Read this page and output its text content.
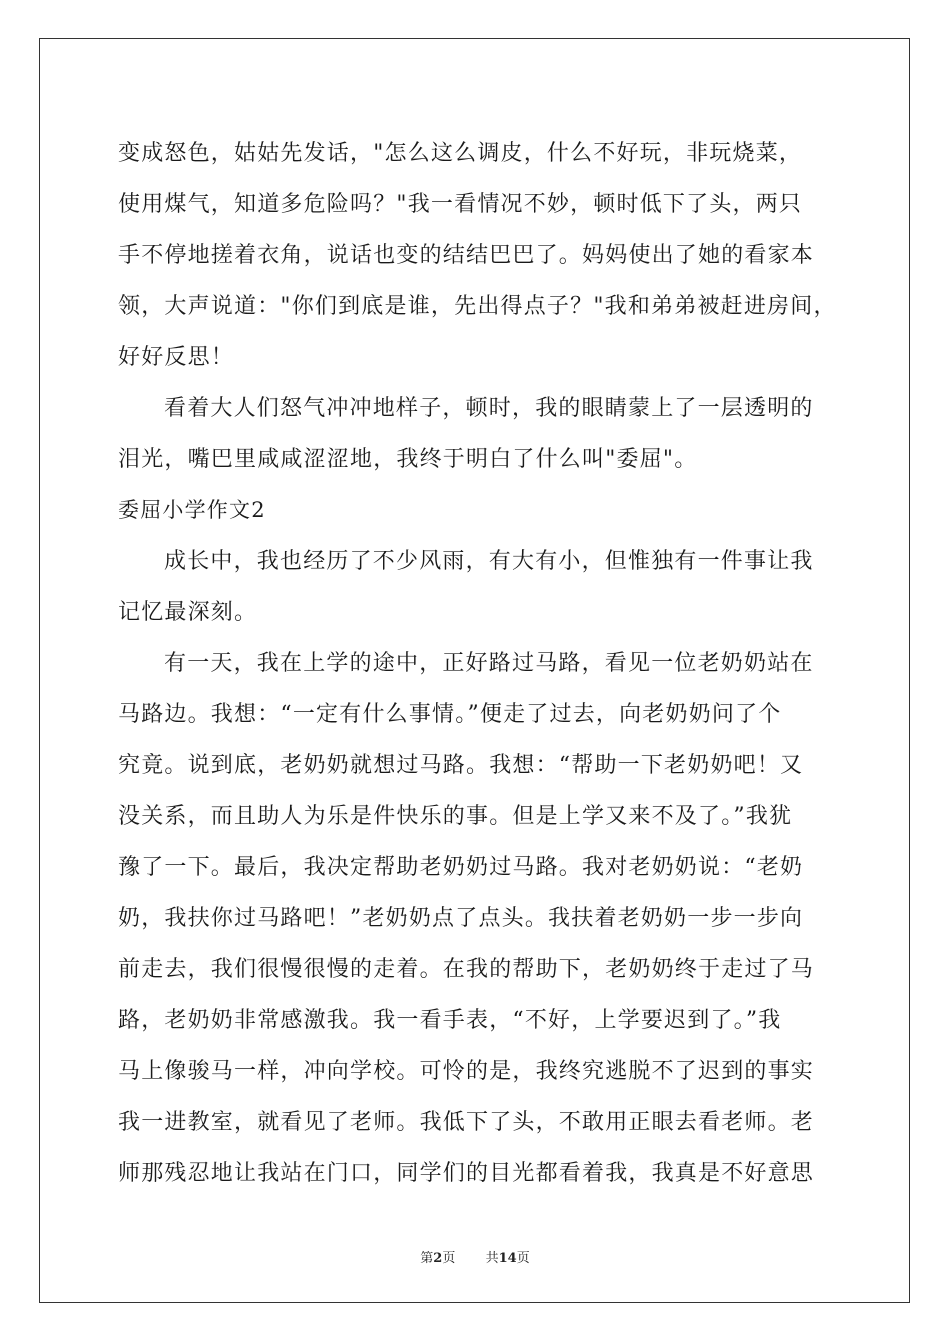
变成怒色，姑姑先发话，"怎么这么调皮，什么不好玩，非玩烧菜，
使用煤气，知道多危险吗？"我一看情况不妙，顿时低下了头，两只
手不停地搓着衣角，说话也变的结结巴巴了。妈妈使出了她的看家本
领，大声说道："你们到底是谁，先出得点子？"我和弟弟被赶进房间，
好好反思！
看着大人们怒气冲冲地样子，顿时，我的眼睛蒙上了一层透明的
泪光，嘴巴里咸咸涩涩地，我终于明白了什么叫"委屈"。
委屈小学作文2
成长中，我也经历了不少风雨，有大有小，但惟独有一件事让我
记忆最深刻。
有一天，我在上学的途中，正好路过马路，看见一位老奶奶站在
马路边。我想：“一定有什么事情。”便走了过去，向老奶奶问了个
究竟。说到底，老奶奶就想过马路。我想：“帮助一下老奶奶吧！又
没关系，而且助人为乐是件快乐的事。但是上学又来不及了。”我犹
豫了一下。最后，我决定帮助老奶奶过马路。我对老奶奶说：“老奶
奶，我扶你过马路吧！”老奶奶点了点头。我扶着老奶奶一步一步向
前走去，我们很慢很慢的走着。在我的帮助下，老奶奶终于走过了马
路，老奶奶非常感激我。我一看手表，“不好，上学要迟到了。”我
马上像骏马一样，冲向学校。可怜的是，我终究逃脱不了迟到的事实
我一进教室，就看见了老师。我低下了头，不敢用正眼去看老师。老
师那残忍地让我站在门口，同学们的目光都看着我，我真是不好意思
第2页 共14页
